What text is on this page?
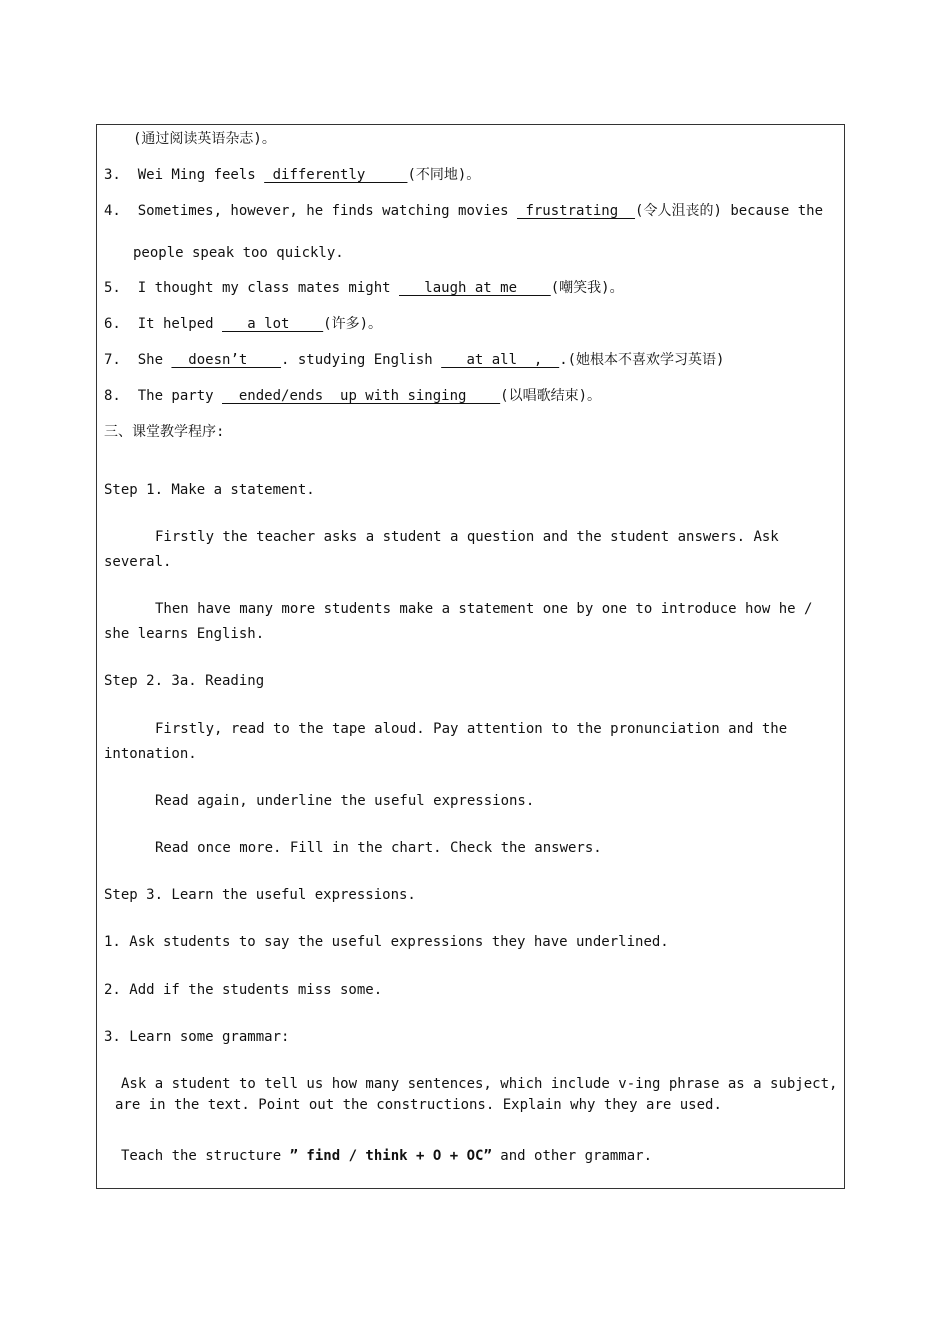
(通过阅读英语杂志)。
3. Wei Ming feels  differently     (不同地)。
4. Sometimes, however, he finds watching movies  frustrating  (令人沮丧的) because the
people speak too quickly.
5. I thought my class mates might    laugh at me    (嘲笑我)。
6. It helped    a lot    (许多)。
7. She   doesn’t    . studying English    at all  ,  .(她根本不喜欢学习英语)
8. The party   ended/ends  up with singing    (以唱歌结束)。
三、课堂教学程序:
Step 1. Make a statement.
Firstly the teacher asks a student a question and the student answers. Ask
several.
Then have many more students make a statement one by one to introduce how he /
she learns English.
Step 2. 3a. Reading
Firstly, read to the tape aloud. Pay attention to the pronunciation and the
intonation.
Read again, underline the useful expressions.
Read once more. Fill in the chart. Check the answers.
Step 3. Learn the useful expressions.
1. Ask students to say the useful expressions they have underlined.
2. Add if the students miss some.
3. Learn some grammar:
Ask a student to tell us how many sentences, which include v-ing phrase as a subject,
are in the text. Point out the constructions. Explain why they are used.
Teach the structure ” find / think + O + OC” and other grammar.
